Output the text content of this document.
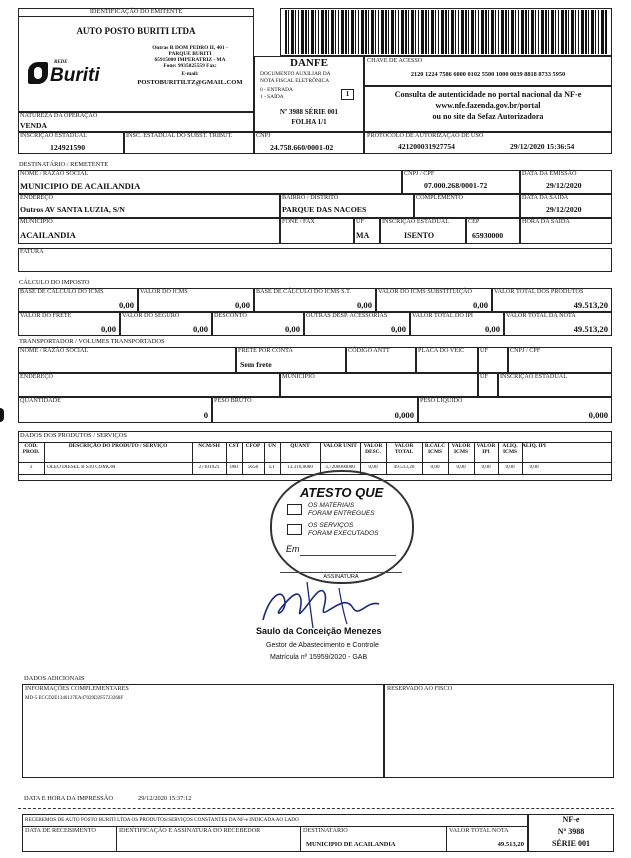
IDENTIFICAÇÃO DO EMITENTE
AUTO POSTO BURITI LTDA
REDE
Buriti
Outras R DOM PEDRO II, 401 -
PARQUE BURITI
65915000 IMPERATRIZ - MA
Fone: 9935825559 Fax:
E-mail:
POSTOBURITILTZ@GMAIL.COM
DANFE
DOCUMENTO AUXILIAR DA
NOTA FISCAL ELETRÔNICA
0 - ENTRADA
1 - SAÍDA	1
Nº 3988 SÉRIE 001
FOLHA 1/1
CHAVE DE ACESSO
2120 1224 7586 6000 0102 5500 1000 0039 8818 8733 5950
Consulta de autenticidade no portal nacional da NF-e
www.nfe.fazenda.gov.br/portal
ou no site da Sefaz Autorizadora
NATUREZA DA OPERAÇÃO
VENDA
PROTOCOLO DE AUTORIZAÇÃO DE USO
421200031927754	29/12/2020 15:36:54
INSCRIÇÃO ESTADUAL
124921590
INSC. ESTADUAL DO SUBST. TRIBUT.	CNPJ
24.758.660/0001-02
DESTINATÁRIO / REMETENTE
NOME / RAZÃO SOCIAL
MUNICIPIO DE ACAILANDIA
CNPJ / CPF
07.000.268/0001-72
DATA DA EMISSÃO
29/12/2020
ENDEREÇO
Outros AV SANTA LUZIA, S/N
BAIRRO / DISTRITO
PARQUE DAS NACOES
COMPLEMENTO	DATA DA SAÍDA
29/12/2020
MUNICÍPIO
ACAILANDIA
FONE / FAX	UF
MA
INSCRIÇÃO ESTADUAL
ISENTO
CEP
65930000
HORA DA SAÍDA
FATURA
CÁLCULO DO IMPOSTO
BASE DE CÁLCULO DO ICMS
0,00
VALOR DO ICMS
0,00
BASE DE CÁLCULO DO ICMS S.T.
0,00
VALOR DO ICMS SUBSTITUIÇÃO
0,00
VALOR TOTAL DOS PRODUTOS
49.513,20
VALOR DO FRETE
0,00
VALOR DO SEGURO
0,00
DESCONTO
0,00
OUTRAS DESP. ACESSÓRIAS
0,00
VALOR TOTAL DO IPI
0,00
VALOR TOTAL DA NOTA
49.513,20
TRANSPORTADOR / VOLUMES TRANSPORTADOS
NOME / RAZÃO SOCIAL	FRETE POR CONTA
Sem frete
CÓDIGO ANTT	PLACA DO VEIC	UF	CNPJ / CPF
ENDEREÇO	MUNICÍPIO	UF INSCRIÇÃO ESTADUAL
QUANTIDADE
0
PESO BRUTO
0,000
PESO LÍQUIDO
0,000
DADOS DOS PRODUTOS / SERVIÇOS
CÓD. PROD.
3
DESCRIÇÃO DO PRODUTO / SERVIÇO
OLEO DIESEL B S10 COMUM
NCM/SH
27101921
CST
060
CFOP
5656
UN
LT
QUANT
13.310,0000
VALOR UNIT
3,7200000000
VALOR DESC.
0,00
VALOR TOTAL
49.513,20
B.CÁLC ICMS
0,00
VALOR ICMS
0,00
VALOR IPI
0,00
ALÍQ. ICMS
0,00
ALÍQ. IPI
0,00
ATESTO QUE
OS MATERIAIS
FORAM ENTREGUES
OS SERVIÇOS
FORAM EXECUTADOS
Em
ASSINATURA
Saulo da Conceição Menezes
Gestor de Abastecimento e Controle
Matrícula nº 15959/2020 - GAB
DADOS ADICIONAIS
INFORMAÇÕES COMPLEMENTARES
MD-5 ECCD2E1346127EA47029D2F5723268F
RESERVADO AO FISCO
DATA E HORA DA IMPRESSÃO	29/12/2020 15:37:12
RECEBEMOS DE AUTO POSTO BURITI LTDA OS PRODUTOS/SERVIÇOS CONSTANTES DA NF-e INDICADA AO LADO
DATA DE RECEBIMENTO	IDENTIFICAÇÃO E ASSINATURA DO RECEBEDOR	DESTINATÁRIO
MUNICIPIO DE ACAILANDIA
VALOR TOTAL NOTA
49.513,20
NF-e
Nº 3988
SÉRIE 001
